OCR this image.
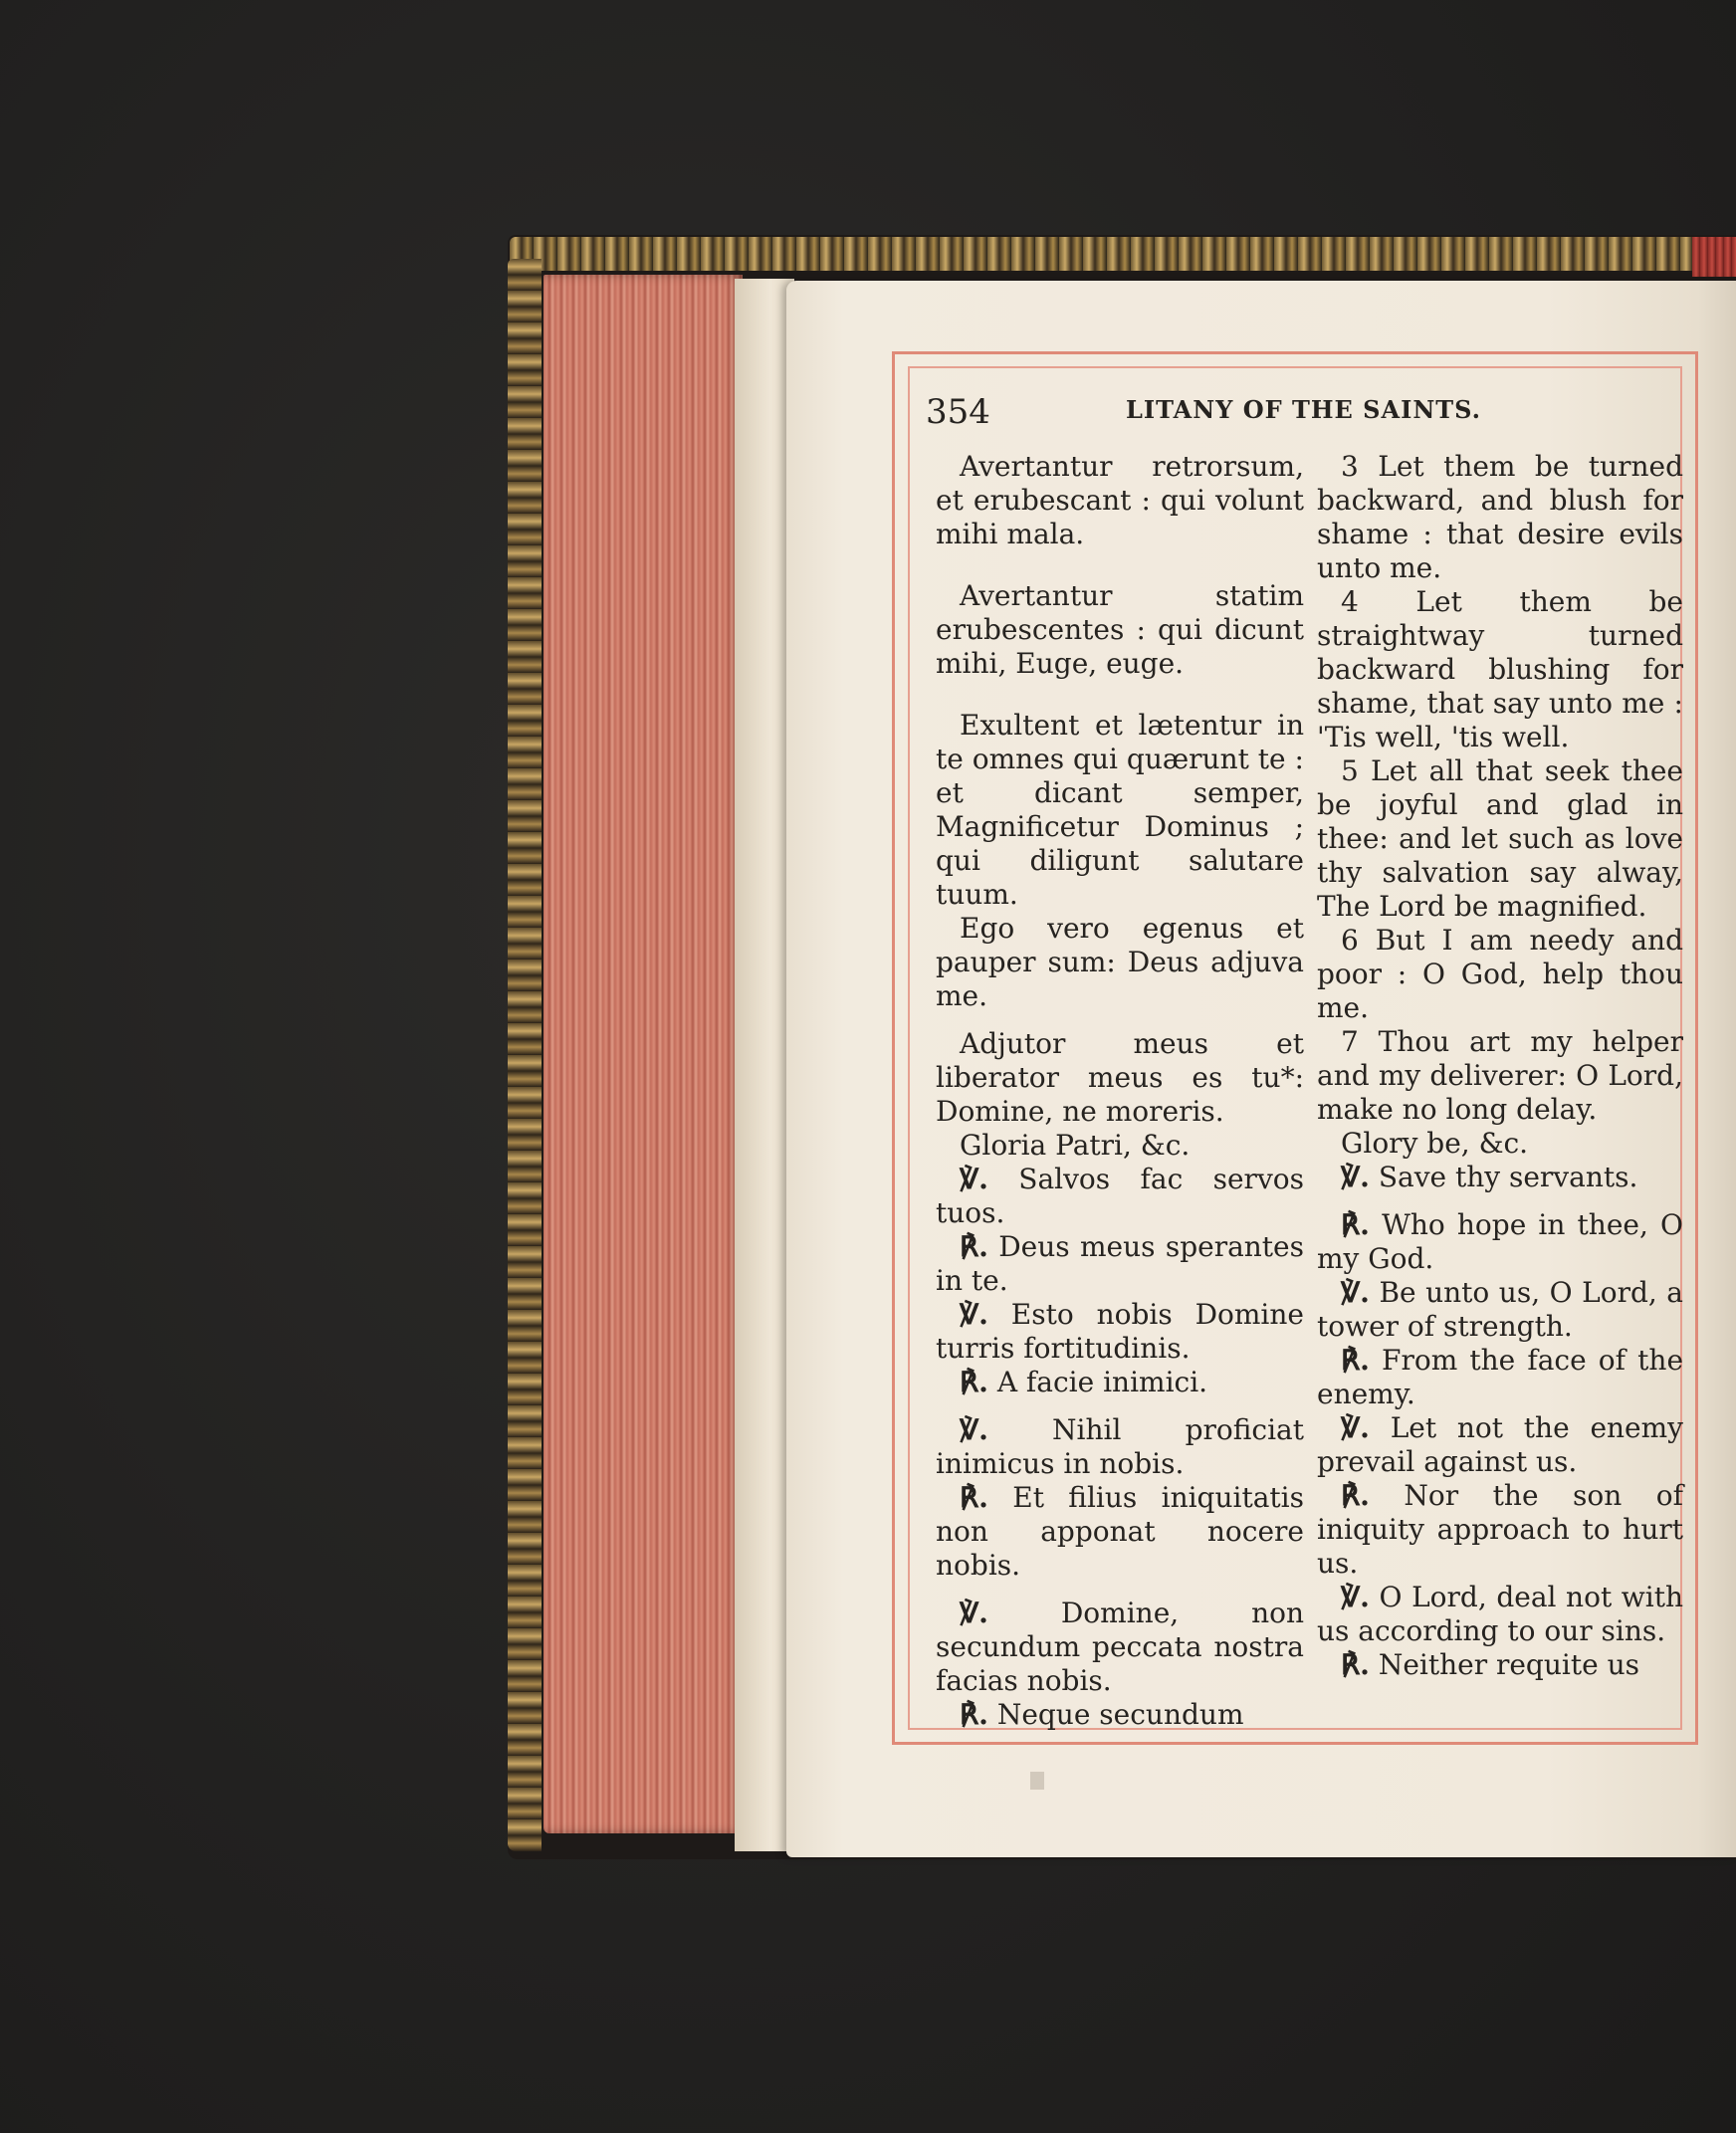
354	LITANY OF THE SAINTS.

Avertantur retrorsum, et erubescant : qui volunt mihi mala.

Avertantur statim erubescentes : qui dicunt mihi, Euge, euge.

Exultent et lætentur in te omnes qui quærunt te : et dicant semper, Magnificetur Dominus ; qui diligunt salutare tuum.

Ego vero egenus et pauper sum: Deus adjuva me.

Adjutor meus et liberator meus es tu*: Domine, ne moreris.

Gloria Patri, &c.

℣. Salvos fac servos tuos.

℟. Deus meus sperantes in te.

℣. Esto nobis Domine turris fortitudinis.

℟. A facie inimici.

℣. Nihil proficiat inimicus in nobis.

℟. Et filius iniquitatis non apponat nocere nobis.

℣.	Domine, non secundum peccata nostra facias nobis.

℟. Neque secundum

3 Let them be turned backward, and blush for shame : that desire evils unto me.

4 Let them be straightway turned backward blushing for shame, that say unto me : 'Tis well, 'tis well.

5 Let all that seek thee be joyful and glad in thee: and let such as love thy salvation say alway, The Lord be magnified.

6 But I am needy and poor : O God, help thou me.

7 Thou art my helper and my deliverer: O Lord, make no long delay.

Glory be, &c.

℣. Save thy servants.

℟. Who hope in thee, O my God.

℣. Be unto us, O Lord, a tower of strength.

℟. From the face of the enemy.

℣. Let not the enemy prevail against us.

℟. Nor the son of iniquity approach to hurt us.

℣. O Lord, deal not with us according to our sins.

℟. Neither requite us
